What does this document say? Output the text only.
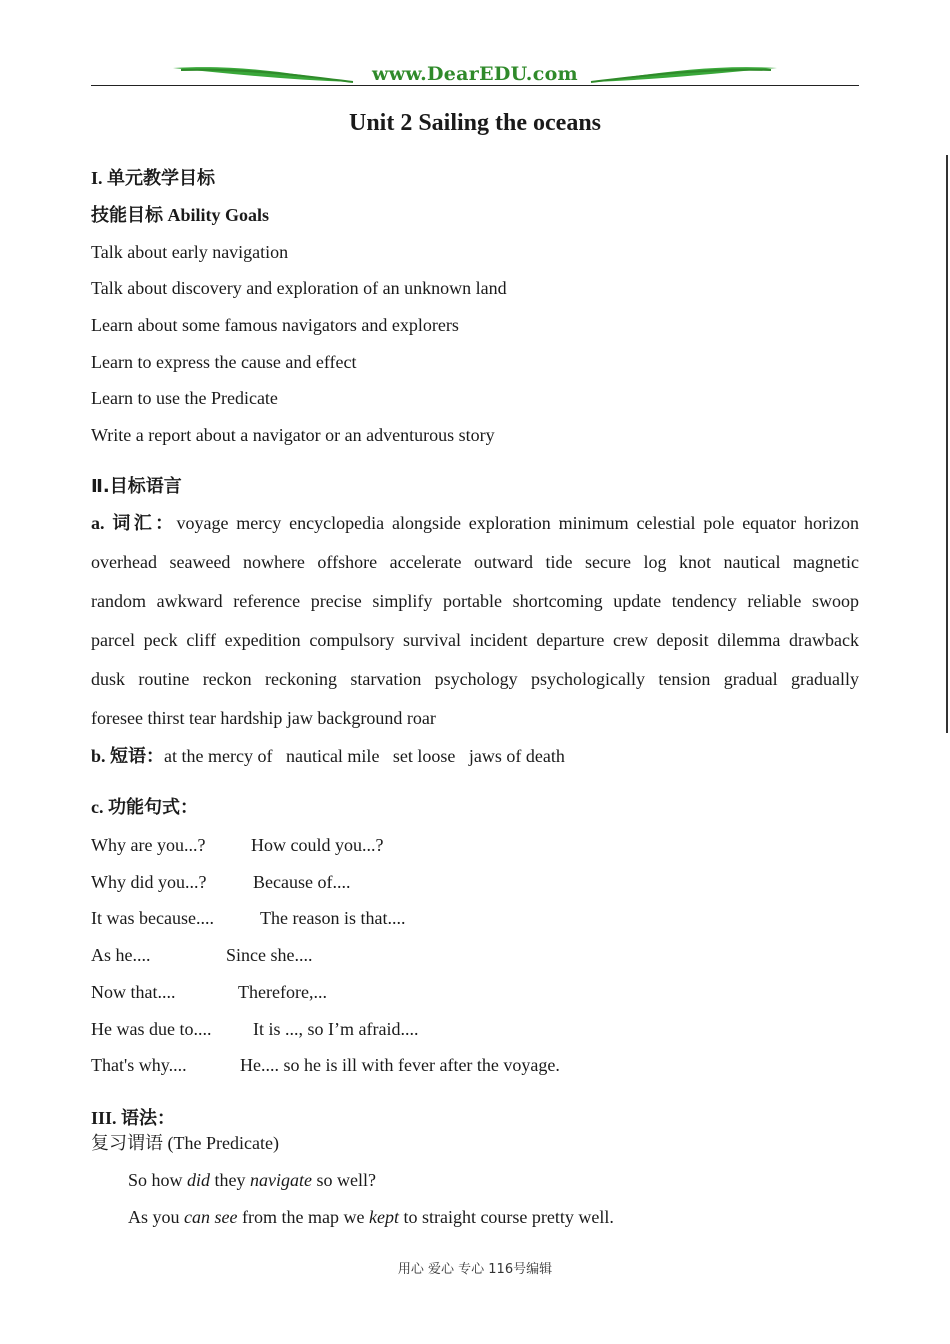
www.DearEDU.com
Unit 2 Sailing the oceans
I. 单元教学目标
技能目标 Ability Goals
Talk about early navigation
Talk about discovery and exploration of an unknown land
Learn about some famous navigators and explorers
Learn to express the cause and effect
Learn to use the Predicate
Write a report about a navigator or an adventurous story
Ⅱ.目标语言
a. 词汇：voyage mercy encyclopedia alongside exploration minimum celestial pole equator horizon
overhead seaweed nowhere offshore accelerate outward tide secure log knot nautical magnetic
random awkward reference precise simplify portable shortcoming update tendency reliable swoop
parcel peck cliff expedition compulsory survival incident departure crew deposit dilemma drawback
dusk routine reckon reckoning starvation psychology psychologically tension gradual gradually
foresee thirst tear hardship jaw background roar
b. 短语：at the mercy of   nautical mile   set loose   jaws of death
c. 功能句式：
Why are you...?	How could you...?
Why did you...?	Because of....
It was because....	The reason is that....
As he....	Since she....
Now that....	Therefore,...
He was due to.... It is ..., so I’m afraid....
That's why....	He.... so he is ill with fever after the voyage.
III. 语法：
复习谓语 (The Predicate)
So how did they navigate so well?
As you can see from the map we kept to straight course pretty well.
用心 爱心 专心 116号编辑
